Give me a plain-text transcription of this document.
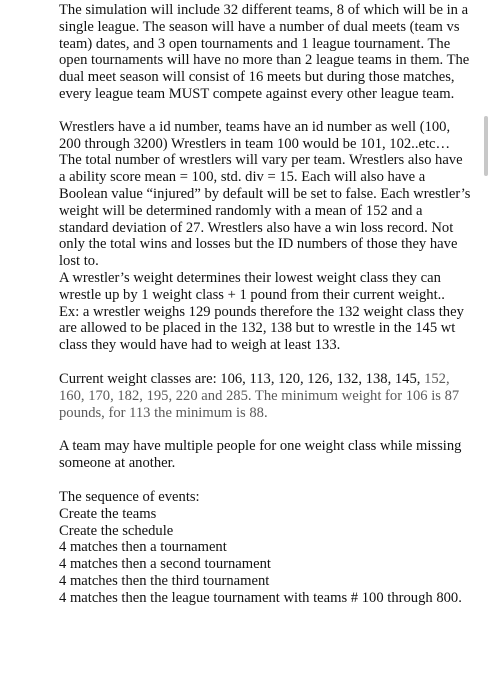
The simulation will include 32 different teams, 8 of which will be in a single league. The season will have a number of dual meets (team vs team) dates, and 3 open tournaments and 1 league tournament. The open tournaments will have no more than 2 league teams in them. The dual meet season will consist of 16 meets but during those matches, every league team MUST compete against every other league team.

Wrestlers have a id number, teams have an id number as well (100, 200 through 3200) Wrestlers in team 100 would be 101, 102..etc… The total number of wrestlers will vary per team. Wrestlers also have a ability score mean = 100, std. div = 15. Each will also have a Boolean value “injured” by default will be set to false. Each wrestler’s weight will be determined randomly with a mean of 152 and a standard deviation of 27. Wrestlers also have a win loss record. Not only the total wins and losses but the ID numbers of those they have lost to.

A wrestler’s weight determines their lowest weight class they can wrestle up by 1 weight class + 1 pound from their current weight..

Ex: a wrestler weighs 129 pounds therefore the 132 weight class they are allowed to be placed in the 132, 138 but to wrestle in the 145 wt class they would have had to weigh at least 133.

Current weight classes are: 106, 113, 120, 126, 132, 138, 145, 152, 160, 170, 182, 195, 220 and 285. The minimum weight for 106 is 87 pounds, for 113 the minimum is 88.

A team may have multiple people for one weight class while missing someone at another.

The sequence of events:

Create the teams
Create the schedule
4 matches then a tournament
4 matches then a second tournament
4 matches then the third tournament
4 matches then the league tournament with teams # 100 through 800.
